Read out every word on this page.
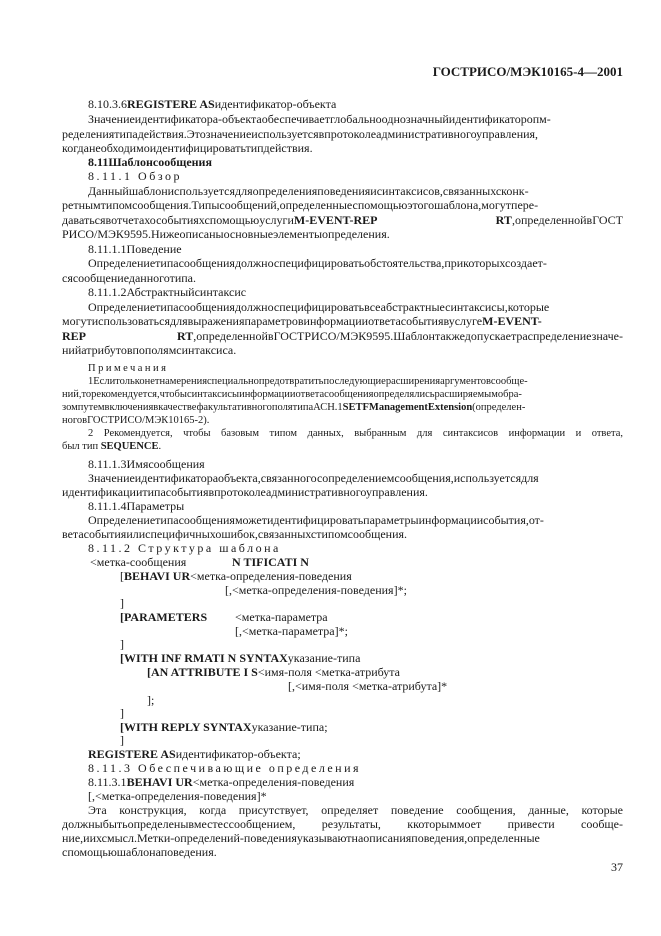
ГОСТРИСО/МЭК10165-4—2001
8.10.3.6REGISTERE ASидентификатор-объекта
Значениеидентификатора-объектаобеспечиваетглобальнооднозначныйидентификаторопм-
ределениятипадействия.Этозначениеиспользуетсявпротоколеадминистративногоуправления,
когданеобходимоидентифицироватьтипдействия.
8.11Шаблонсообщения
8.11.1 Обзор
Данныйшаблониспользуетсядляопределенияповеденияисинтаксисов,связанныхсконк-
ретнымтипомсообщения.Типысообщений,определенныеспомощьюэтогошаблона,могутпере-
даватьсявотчетахособытияхспомощьюуслугиM-EVENT-REP RT,определеннойвГОСТ
РИСО/МЭК9595.Нижеописаныосновныеэлементыопределения.
8.11.1.1Поведение
Определениетипасообщениядолжноспецифицироватьобстоятельства,прикоторыхсоздает-
сясообщениеданноготипа.
8.11.1.2Абстрактныйсинтаксис
Определениетипасообщениядолжноспецифицироватьвсеабстрактныесинтаксисы,которые
могутиспользоватьсядлявыраженияпараметровинформацииответасобытиявуслугеM-EVENT-
REP RT,определеннойвГОСТРИСО/МЭК9595.Шаблонтакжедопускаетраспределениезначе-
нийатрибутовпополямсинтаксиса.
Примечания
1Еслитольконетнамеренияспециальнопредотвратитьпоследующиерасширенияаргументовсообще-
ний,торекомендуется,чтобысинтаксисыинформацииответасообщенияопределялисьрасширяемымобра-
зомпутемвключениявкачествефакультативногополятипаАСН.1SETFManagementExtension(определен-
ноговГОСТРИСО/МЭК10165-2).
2 Рекомендуется, чтобы базовым типом данных, выбранным для синтаксисов информации и ответа,
был тип SEQUENCE.
8.11.1.3Имясообщения
Значениеидентификатораобъекта,связанногосопределениемсообщения,используетсядля
идентификациитипасобытиявпротоколеадминистративногоуправления.
8.11.1.4Параметры
Определениетипасообщенияможетидентифицироватьпараметрыинформациисобытия,от-
ветасобытияилиспецифичныхошибок,связанныхстипомсообщения.
8.11.2 Структура шаблона
<метка-сообщения	N TIFICATI N
[BEHAVI UR<метка-определения-поведения
[,<метка-определения-поведения]*;
]
[PARAMETERS <метка-параметра
[,<метка-параметра]*;
]
[WITH INF RMATI N SYNTAXуказание-типа
[AN ATTRIBUTE I S<имя-поля <метка-атрибута
[,<имя-поля <метка-атрибута]*
];
]
[WITH REPLY SYNTAXуказание-типа;
]
REGISTERE ASидентификатор-объекта;
8.11.3 Обеспечивающие определения
8.11.3.1BEHAVI UR<метка-определения-поведения
[,<метка-определения-поведения]*
Эта конструкция, когда присутствует, определяет поведение сообщения, данные, которые
должныбытьопределенывместессообщением, результаты, ккоторыммоет привести сообще-
ние,иихсмысл.Метки-определений-поведенияуказываютнаописанияповедения,определенные
спомощьюшаблонаповедения.
37
